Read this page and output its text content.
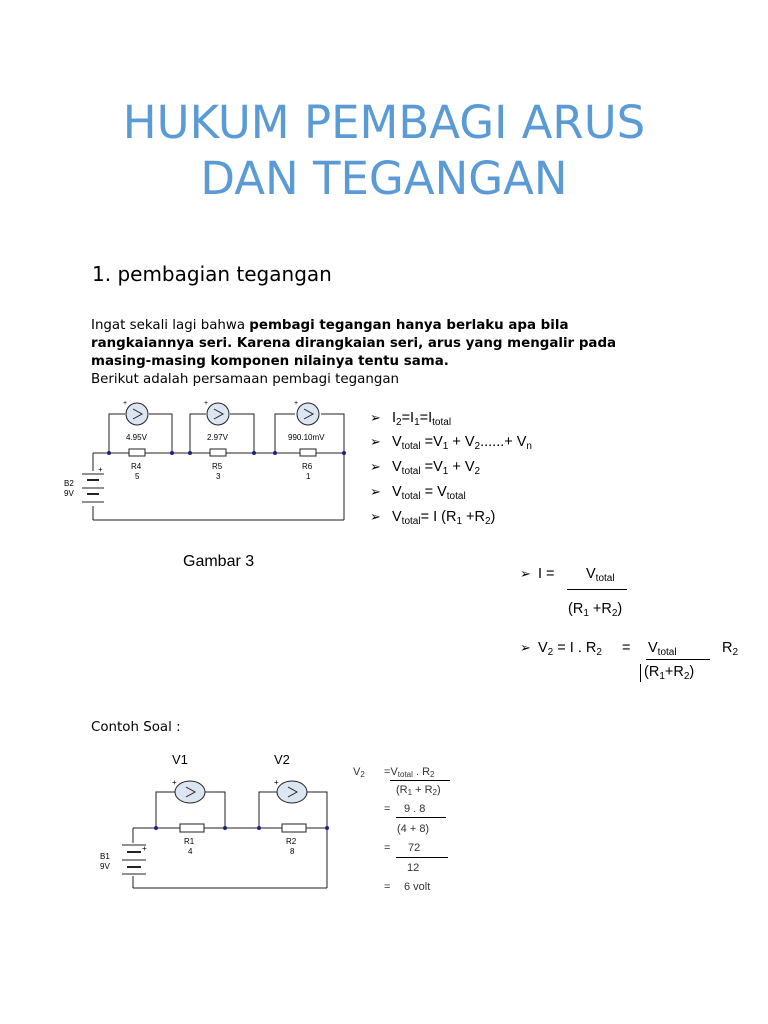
HUKUM PEMBAGI ARUS
DAN TEGANGAN
1. pembagian tegangan
Ingat sekali lagi bahwa pembagi tegangan hanya berlaku apa bila rangkaiannya seri. Karena dirangkaian seri, arus yang mengalir pada masing-masing komponen nilainya tentu sama.
Berikut adalah persamaan pembagi tegangan
+	+	+
+
B2
9V
4.95V	2.97V	990.10mV
R4
5
R5
3
R6
1
➢ $I_2=I_1=I_{total}$
➢ $V_{total} =V_1 + V_2......+ V_n$
➢ $V_{total} =V_1 + V_2$
➢ $V_{total} = V_{total}$
➢ $V_{total}= I$ $(R_1 +R_2)$
Gambar 3
➢ $I = V_{total}$
$(R_1 +R_2)$
➢ $V_2 = I$ . $R_2 = V_{total}$
$(R_1+R_2)$
$R_2$
Contoh Soal :
V1	V2
+	+
+
B1
9V
R1
4
R2
8
$V_2 =V_{total}$ . $R_2$
$(R_1 + R_2)$
= 9 . 8
(4 + 8)
= 72
12
= 6 volt
